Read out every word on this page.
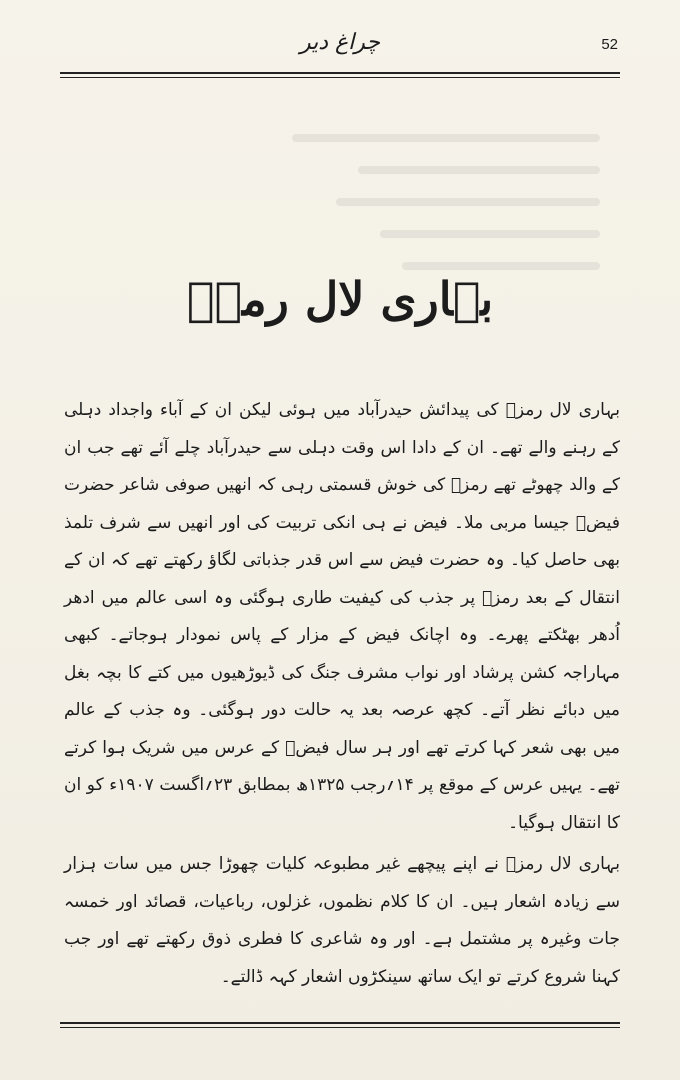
چراغ دیر	52
بہاری لال رمزؔ

بہاری لال رمزؔ کی پیدائش حیدرآباد میں ہوئی لیکن ان کے آباء واجداد دہلی کے رہنے والے تھے۔ ان کے دادا اس وقت دہلی سے حیدرآباد چلے آئے تھے جب ان کے والد چھوٹے تھے رمزؔ کی خوش قسمتی رہی کہ انھیں صوفی شاعر حضرت فیضؔ جیسا مربی ملا۔ فیض نے ہی انکی تربیت کی اور انھیں سے شرف تلمذ بھی حاصل کیا۔ وہ حضرت فیض سے اس قدر جذباتی لگاؤ رکھتے تھے کہ ان کے انتقال کے بعد رمزؔ پر جذب کی کیفیت طاری ہوگئی وہ اسی عالم میں ادھر اُدھر بھٹکتے پھرے۔ وہ اچانک فیض کے مزار کے پاس نمودار ہوجاتے۔ کبھی مہاراجہ کشن پرشاد اور نواب مشرف جنگ کی ڈیوڑھیوں میں کتے کا بچہ بغل میں دبائے نظر آتے۔ کچھ عرصہ بعد یہ حالت دور ہوگئی۔ وہ جذب کے عالم میں بھی شعر کہا کرتے تھے اور ہر سال فیضؔ کے عرس میں شریک ہوا کرتے تھے۔ یہیں عرس کے موقع پر ۱۴؍رجب ۱۳۲۵ھ بمطابق ۲۳؍اگست ۱۹۰۷ء کو ان کا انتقال ہوگیا۔

بہاری لال رمزؔ نے اپنے پیچھے غیر مطبوعہ کلیات چھوڑا جس میں سات ہزار سے زیادہ اشعار ہیں۔ ان کا کلام نظموں، غزلوں، رباعیات، قصائد اور خمسہ جات وغیرہ پر مشتمل ہے۔ اور وہ شاعری کا فطری ذوق رکھتے تھے اور جب کہنا شروع کرتے تو ایک ساتھ سینکڑوں اشعار کہہ ڈالتے۔
